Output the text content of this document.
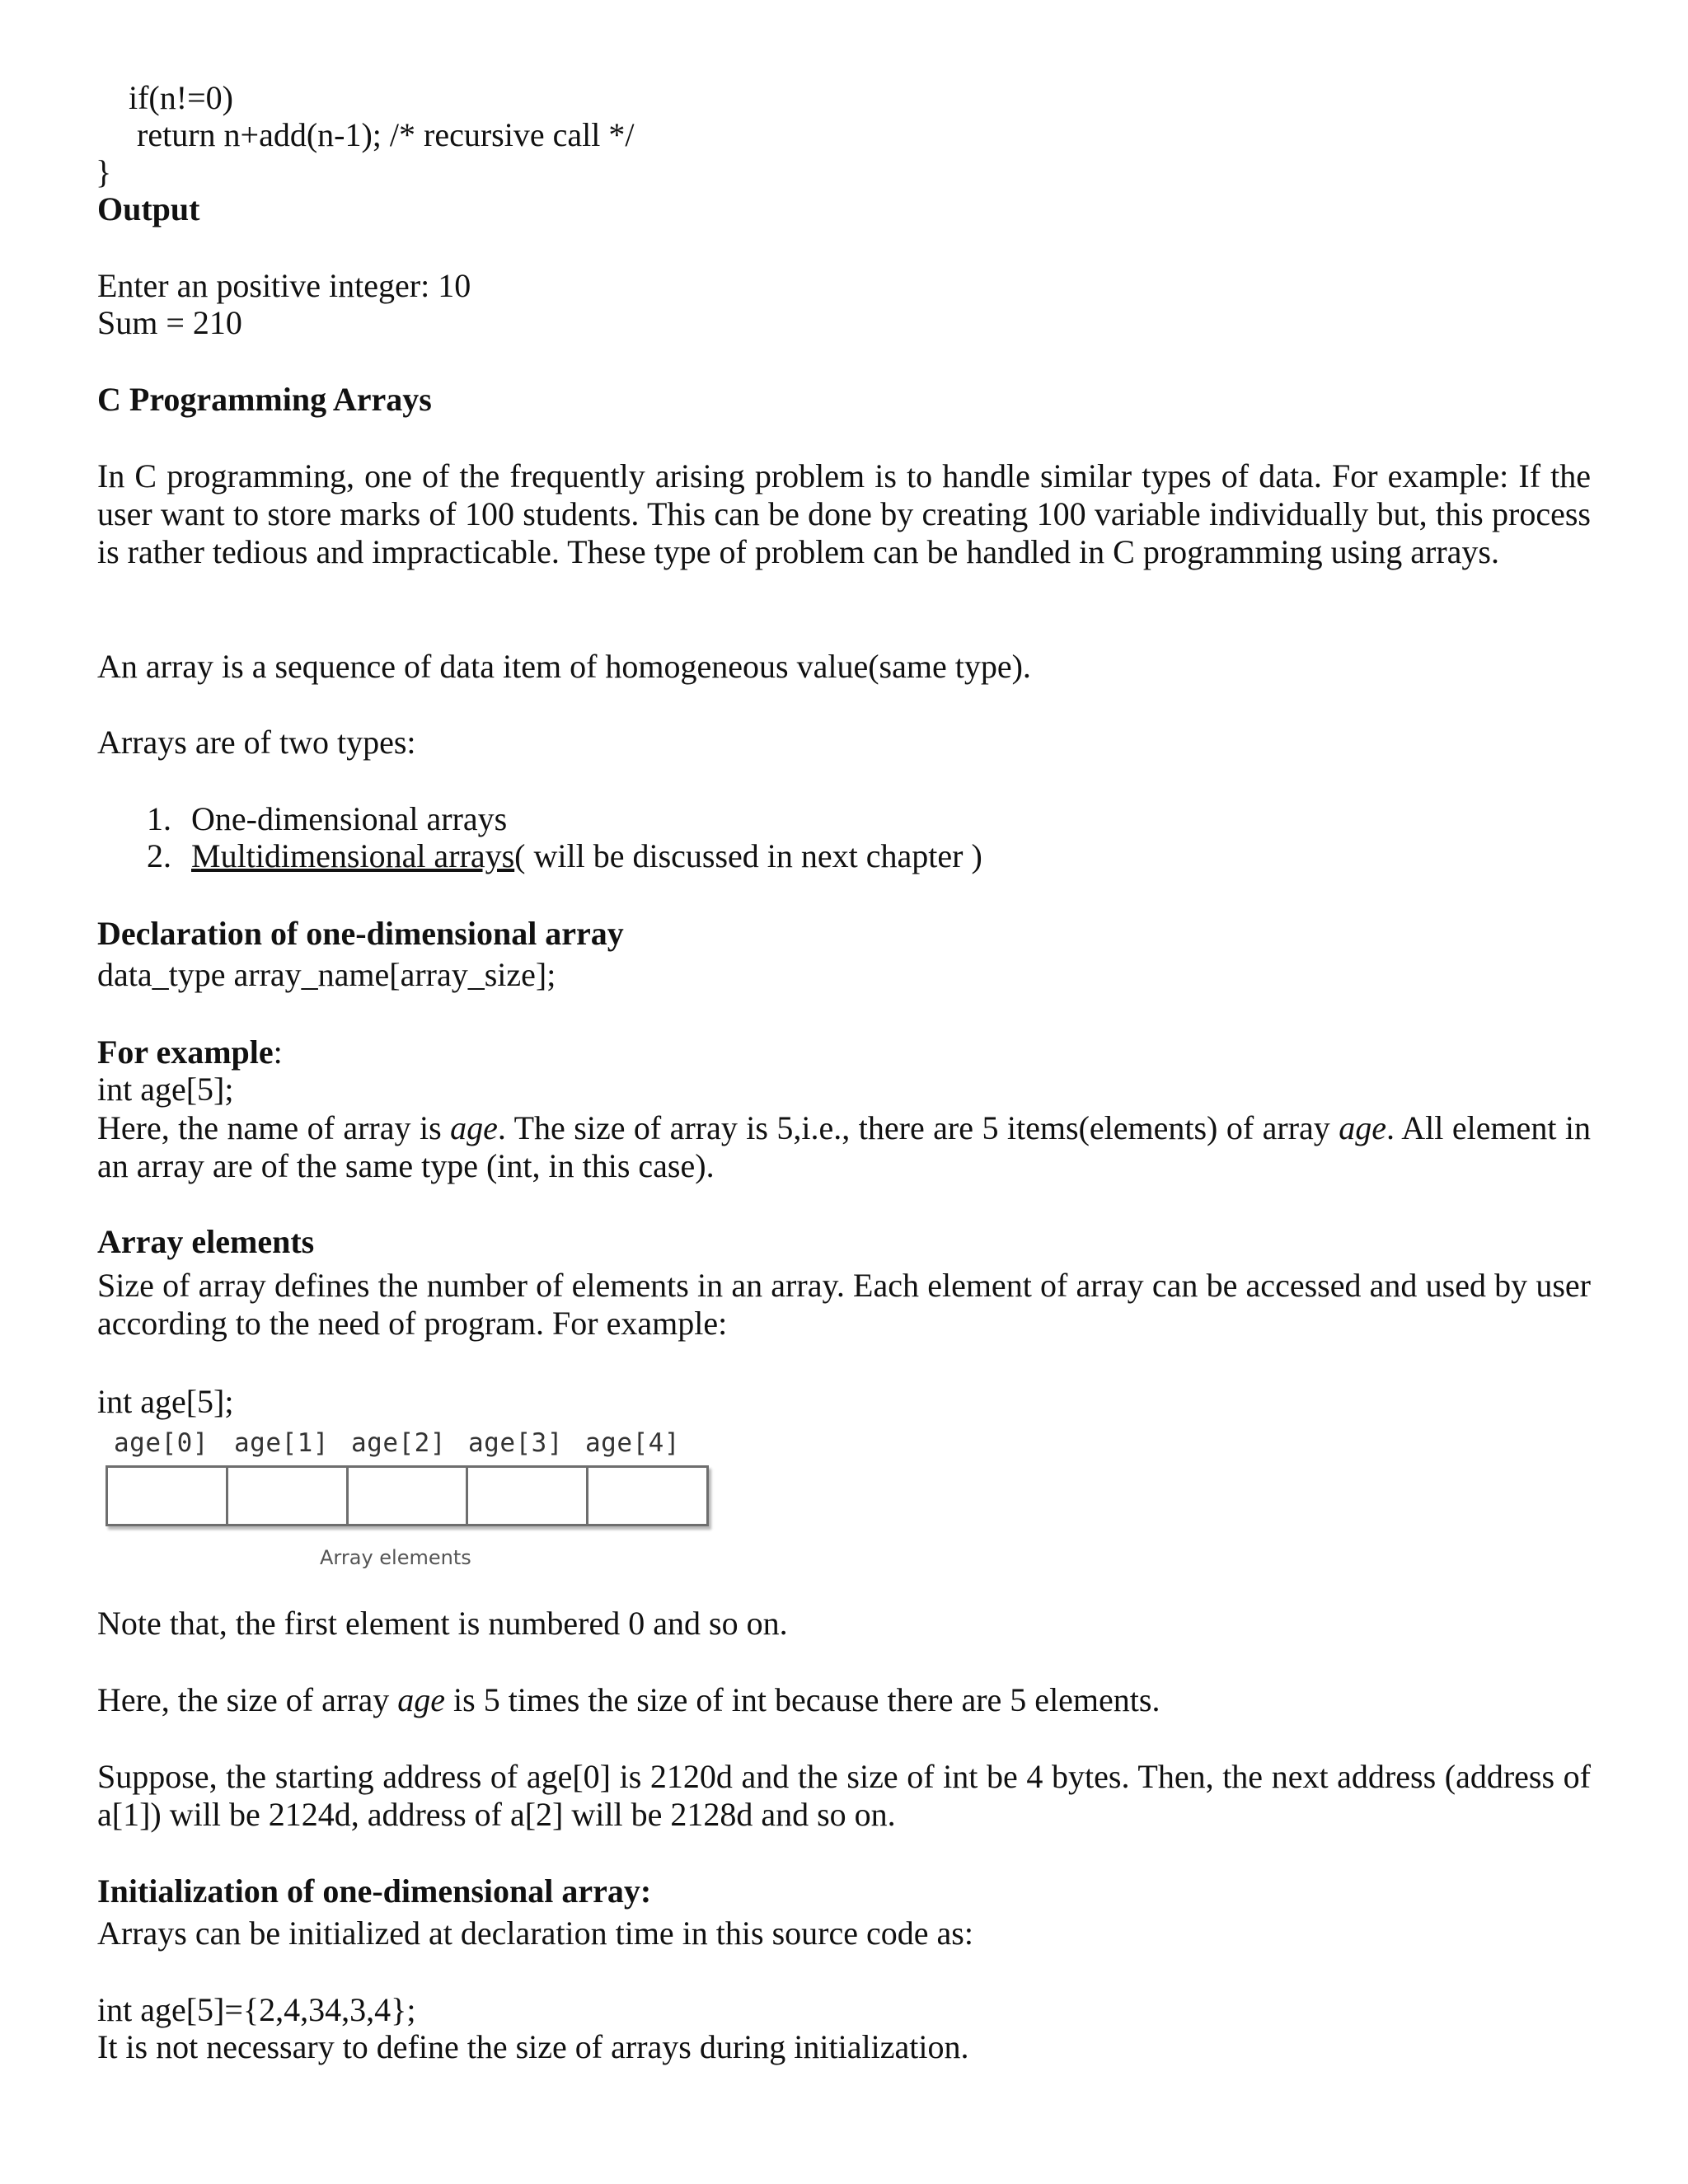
if(n!=0)
return n+add(n-1); /* recursive call */
}
Output
Enter an positive integer: 10
Sum = 210
C Programming Arrays
In C programming, one of the frequently arising problem is to handle similar types of data. For example: If the user want to store marks of 100 students. This can be done by creating 100 variable individually but, this process is rather tedious and impracticable. These type of problem can be handled in C programming using arrays.
An array is a sequence of data item of homogeneous value(same type).
Arrays are of two types:
1. One-dimensional arrays
2. Multidimensional arrays( will be discussed in next chapter )
Declaration of one-dimensional array
data_type array_name[array_size];
For example:
int age[5];
Here, the name of array is age. The size of array is 5,i.e., there are 5 items(elements) of array age. All element in an array are of the same type (int, in this case).
Array elements
Size of array defines the number of elements in an array. Each element of array can be accessed and used by user according to the need of program. For example:
int age[5];
age[0] age[1] age[2] age[3] age[4]
Array elements
Note that, the first element is numbered 0 and so on.
Here, the size of array age is 5 times the size of int because there are 5 elements.
Suppose, the starting address of age[0] is 2120d and the size of int be 4 bytes. Then, the next address (address of a[1]) will be 2124d, address of a[2] will be 2128d and so on.
Initialization of one-dimensional array:
Arrays can be initialized at declaration time in this source code as:
int age[5]={2,4,34,3,4};
It is not necessary to define the size of arrays during initialization.
